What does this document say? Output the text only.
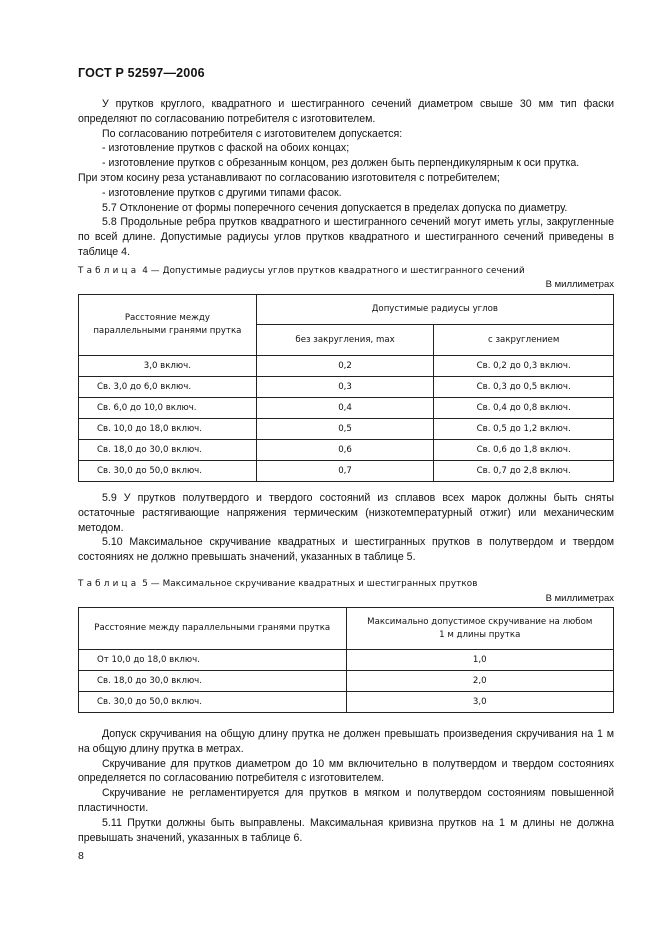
ГОСТ Р 52597—2006

У прутков круглого, квадратного и шестигранного сечений диаметром свыше 30 мм тип фаски определяют по согласованию потребителя с изготовителем.

По согласованию потребителя с изготовителем допускается:

- изготовление прутков с фаской на обоих концах;

- изготовление прутков с обрезанным концом, рез должен быть перпендикулярным к оси прутка.

При этом косину реза устанавливают по согласованию изготовителя с потребителем;

- изготовление прутков с другими типами фасок.

5.7 Отклонение от формы поперечного сечения допускается в пределах допуска по диаметру.

5.8 Продольные ребра прутков квадратного и шестигранного сечений могут иметь углы, закругленные по всей длине. Допустимые радиусы углов прутков квадратного и шестигранного сечений приведены в таблице 4.

Таблица 4 — Допустимые радиусы углов прутков квадратного и шестигранного сечений
В миллиметрах
Расстояние между параллельными гранями прутка	Допустимые радиусы углов	
	без закругления, max	с закруглением
3,0 включ.	0,2	Св. 0,2 до 0,3 включ.
Св. 3,0 до 6,0 включ.	0,3	Св. 0,3 до 0,5 включ.
Св. 6,0 до 10,0 включ.	0,4	Св. 0,4 до 0,8 включ.
Св. 10,0 до 18,0 включ.	0,5	Св. 0,5 до 1,2 включ.
Св. 18,0 до 30,0 включ.	0,6	Св. 0,6 до 1,8 включ.
Св. 30,0 до 50,0 включ.	0,7	Св. 0,7 до 2,8 включ.

5.9 У прутков полутвердого и твердого состояний из сплавов всех марок должны быть сняты остаточные растягивающие напряжения термическим (низкотемпературный отжиг) или механическим методом.

5.10 Максимальное скручивание квадратных и шестигранных прутков в полутвердом и твердом состояниях не должно превышать значений, указанных в таблице 5.

Таблица 5 — Максимальное скручивание квадратных и шестигранных прутков
В миллиметрах
Расстояние между параллельными гранями прутка	Максимально допустимое скручивание на любом
1 м длины прутка

От 10,0 до 18,0 включ.	1,0
Св. 18,0 до 30,0 включ.	2,0
Св. 30,0 до 50,0 включ.	3,0

Допуск скручивания на общую длину прутка не должен превышать произведения скручивания на 1 м на общую длину прутка в метрах.

Скручивание для прутков диаметром до 10 мм включительно в полутвердом и твердом состояниях определяется по согласованию потребителя с изготовителем.

Скручивание не регламентируется для прутков в мягком и полутвердом состояниям повышенной пластичности.

5.11 Прутки должны быть выправлены. Максимальная кривизна прутков на 1 м длины не должна превышать значений, указанных в таблице 6.

8
